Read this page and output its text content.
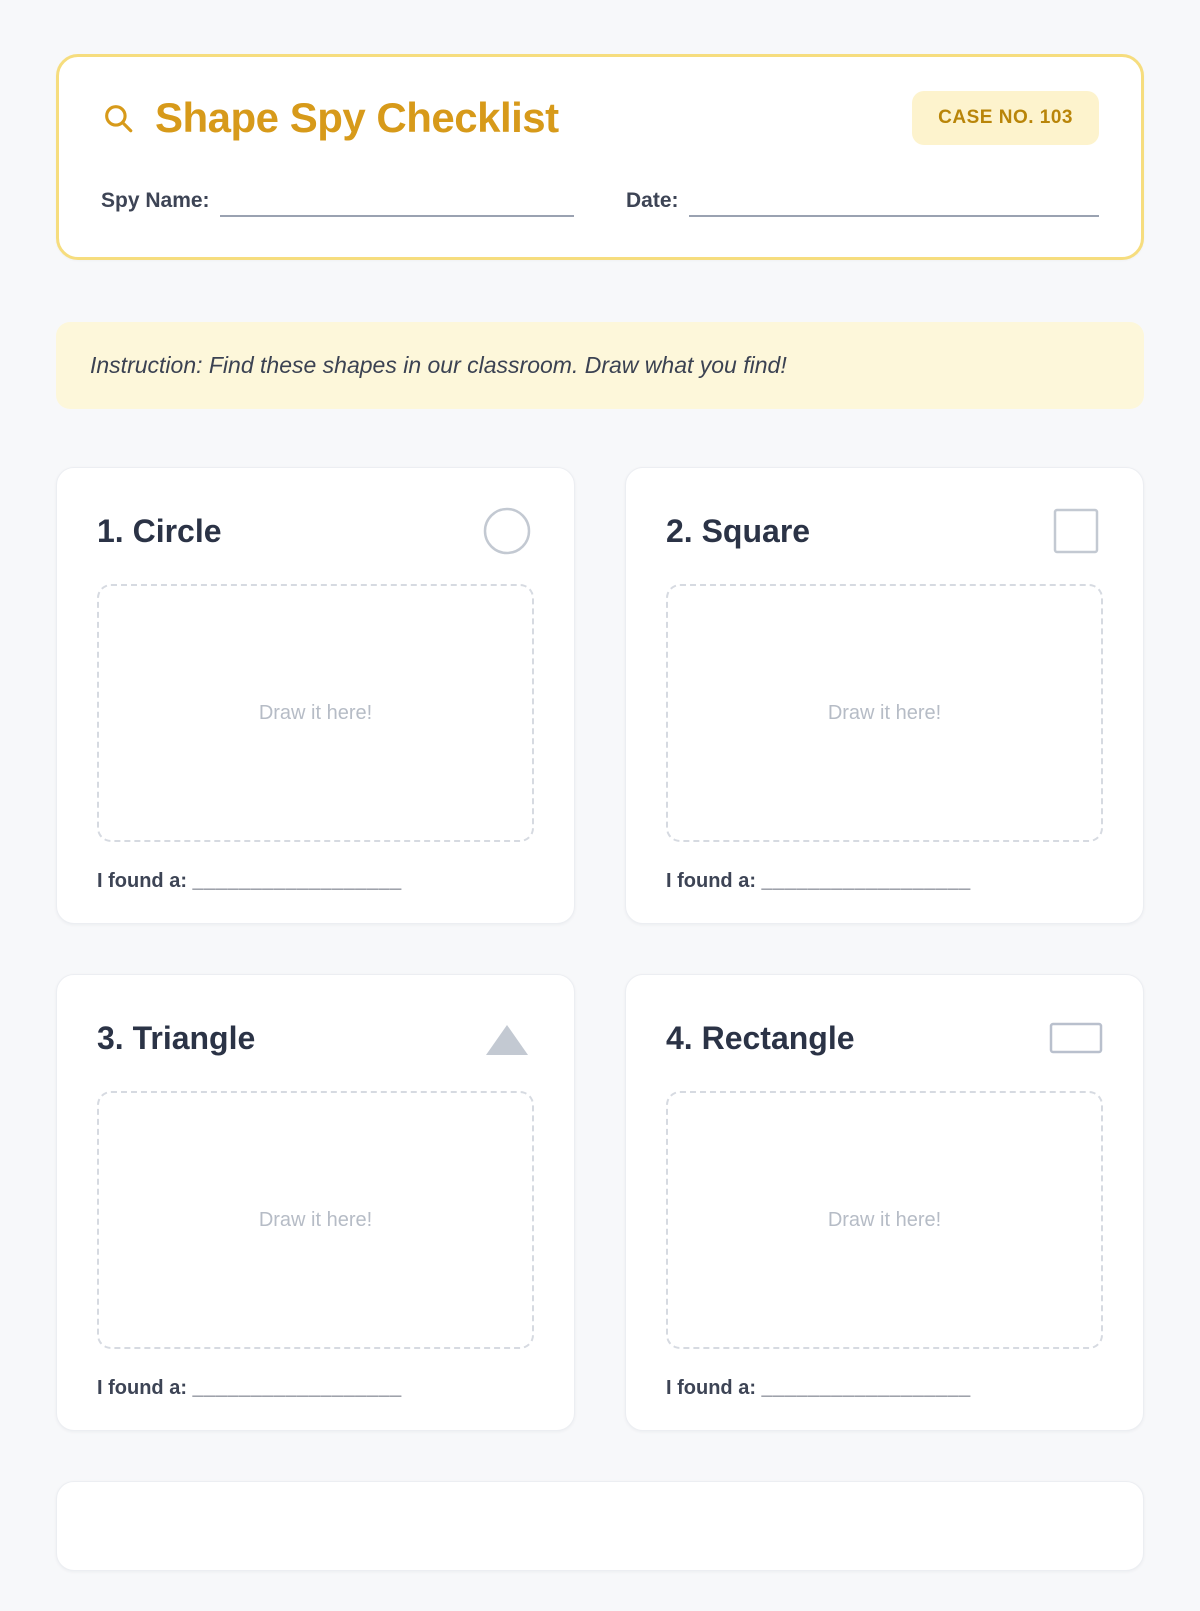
Shape Spy Checklist	CASE NO. 103
Spy Name:	Date:
Instruction: Find these shapes in our classroom. Draw what you find!
1. Circle
Draw it here!
I found a: __________________
2. Square
Draw it here!
I found a: __________________
3. Triangle
Draw it here!
I found a: __________________
4. Rectangle
Draw it here!
I found a: __________________
